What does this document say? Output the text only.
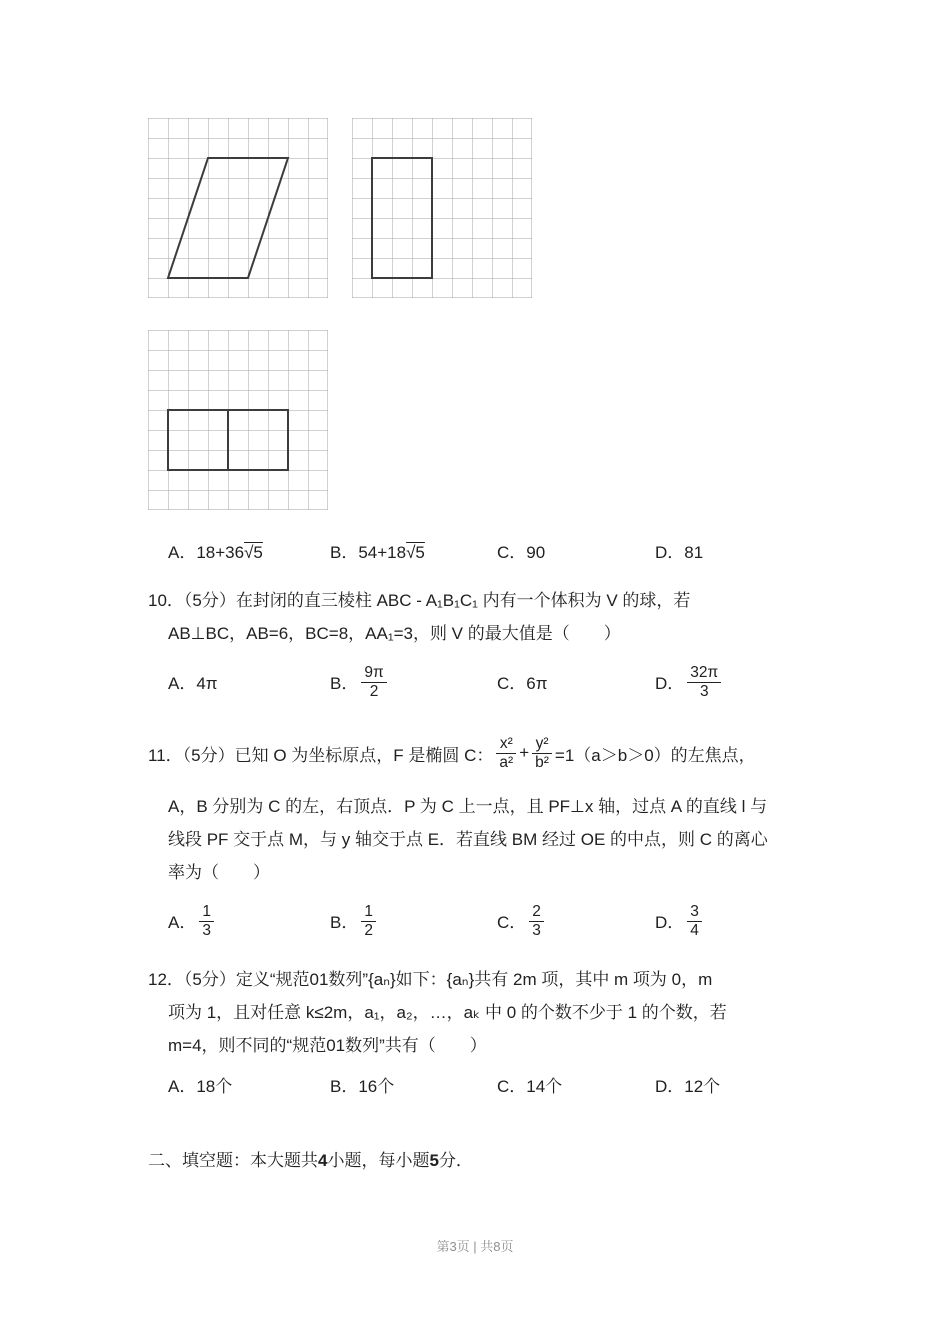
A．18+36√5	B．54+18√5	C．90	D．81
10．（5分）在封闭的直三棱柱 ABC - A₁B₁C₁ 内有一个体积为 V 的球，若
AB⊥BC，AB=6，BC=8，AA₁=3，则 V 的最大值是（　　）
A．4π	B． $\frac{9\pi}{2}$	C．6π	D． $\frac{32\pi}{3}$
11．（5分）已知 O 为坐标原点，F 是椭圆 C： $\frac{\text{x²}}{\text{a²}} + \frac{\text{y²}}{\text{b²}} =1(a>b>0)$的左焦点，
A，B 分别为 C 的左，右顶点．P 为 C 上一点，且 PF⊥x 轴，过点 A 的直线 l 与
线段 PF 交于点 M，与 y 轴交于点 E．若直线 BM 经过 OE 的中点，则 C 的离心
率为（　　）
A． $\frac{1}{3}$	B． $\frac{1}{2}$	C． $\frac{2}{3}$	D． $\frac{3}{4}$
12．（5分）定义“规范01数列”{aₙ}如下：{aₙ}共有 2m 项，其中 m 项为 0，m
项为 1，且对任意 k≤2m，a₁，a₂，…，aₖ 中 0 的个数不少于 1 的个数，若
m=4，则不同的“规范01数列”共有（　　）
A．18个	B．16个	C．14个	D．12个
二、填空题：本大题共4小题，每小题5分．
第3页 | 共8页
